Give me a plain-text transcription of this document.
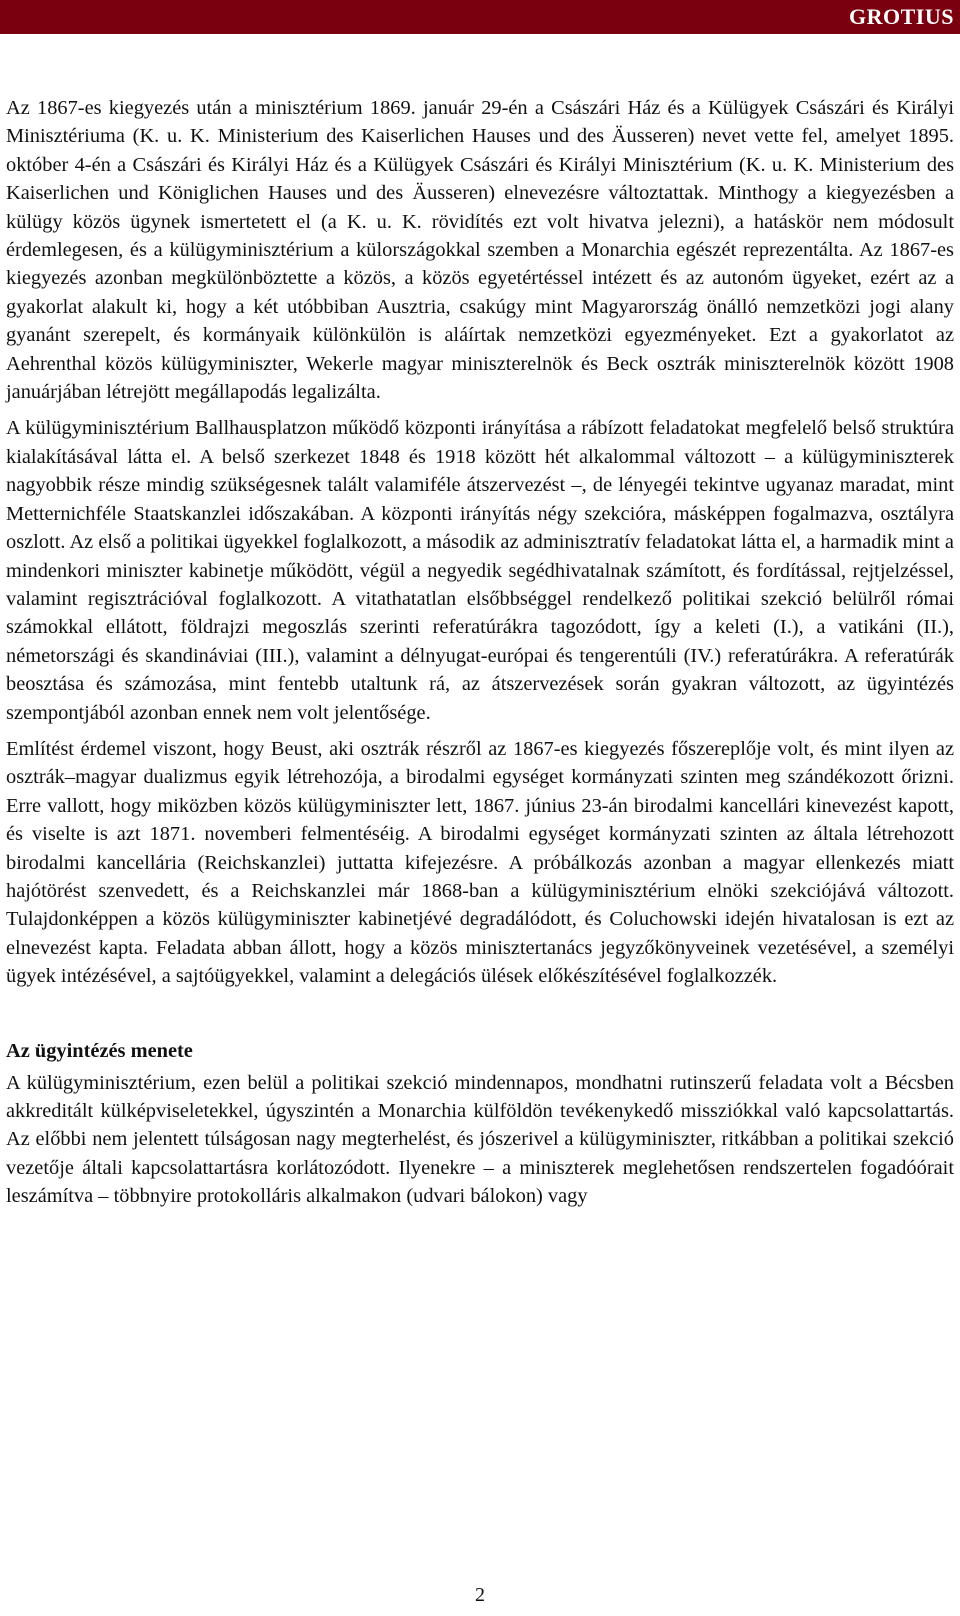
GROTIUS

Az 1867-es kiegyezés után a minisztérium 1869. január 29-én a Császári Ház és a Külügyek Császári és Királyi Minisztériuma (K. u. K. Ministerium des Kaiserlichen Hauses und des Äusseren) nevet vette fel, amelyet 1895. október 4-én a Császári és Királyi Ház és a Külügyek Császári és Királyi Minisztérium (K. u. K. Ministerium des Kaiserlichen und Königlichen Hauses und des Äusseren) elnevezésre változtattak. Minthogy a kiegyezésben a külügy közös ügynek ismertetett el (a K. u. K. rövidítés ezt volt hivatva jelezni), a hatáskör nem módosult érdemlegesen, és a külügyminisztérium a külországokkal szemben a Monarchia egészét reprezentálta. Az 1867-es kiegyezés azonban megkülönböztette a közös, a közös egyetértéssel intézett és az autonóm ügyeket, ezért az a gyakorlat alakult ki, hogy a két utóbbiban Ausztria, csakúgy mint Magyarország önálló nemzetközi jogi alany gyanánt szerepelt, és kormányaik különkülön is aláírtak nemzetközi egyezményeket. Ezt a gyakorlatot az Aehrenthal közös külügyminiszter, Wekerle magyar miniszterelnök és Beck osztrák miniszterelnök között 1908 januárjában létrejött megállapodás legalizálta.

A külügyminisztérium Ballhausplatzon működő központi irányítása a rábízott feladatokat megfelelő belső struktúra kialakításával látta el. A belső szerkezet 1848 és 1918 között hét alkalommal változott – a külügyminiszterek nagyobbik része mindig szükségesnek talált valamiféle átszervezést –, de lényegéi tekintve ugyanaz maradat, mint Metternichféle Staatskanzlei időszakában. A központi irányítás négy szekcióra, másképpen fogalmazva, osztályra oszlott. Az első a politikai ügyekkel foglalkozott, a második az adminisztratív feladatokat látta el, a harmadik mint a mindenkori miniszter kabinetje működött, végül a negyedik segédhivatalnak számított, és fordítással, rejtjelzéssel, valamint regisztrációval foglalkozott. A vitathatatlan elsőbbséggel rendelkező politikai szekció belülről római számokkal ellátott, földrajzi megoszlás szerinti referatúrákra tagozódott, így a keleti (I.), a vatikáni (II.), németországi és skandináviai (III.), valamint a délnyugat-európai és tengerentúli (IV.) referatúrákra. A referatúrák beosztása és számozása, mint fentebb utaltunk rá, az átszervezések során gyakran változott, az ügyintézés szempontjából azonban ennek nem volt jelentősége.

Említést érdemel viszont, hogy Beust, aki osztrák részről az 1867-es kiegyezés főszereplője volt, és mint ilyen az osztrák–magyar dualizmus egyik létrehozója, a birodalmi egységet kormányzati szinten meg szándékozott őrizni. Erre vallott, hogy miközben közös külügyminiszter lett, 1867. június 23-án birodalmi kancellári kinevezést kapott, és viselte is azt 1871. novemberi felmentéséig. A birodalmi egységet kormányzati szinten az általa létrehozott birodalmi kancellária (Reichskanzlei) juttatta kifejezésre. A próbálkozás azonban a magyar ellenkezés miatt hajótörést szenvedett, és a Reichskanzlei már 1868-ban a külügyminisztérium elnöki szekciójává változott. Tulajdonképpen a közös külügyminiszter kabinetjévé degradálódott, és Coluchowski idején hivatalosan is ezt az elnevezést kapta. Feladata abban állott, hogy a közös minisztertanács jegyzőkönyveinek vezetésével, a személyi ügyek intézésével, a sajtóügyekkel, valamint a delegációs ülések előkészítésével foglalkozzék.

Az ügyintézés menete

A külügyminisztérium, ezen belül a politikai szekció mindennapos, mondhatni rutinszerű feladata volt a Bécsben akkreditált külképviseletekkel, úgyszintén a Monarchia külföldön tevékenykedő missziókkal való kapcsolattartás. Az előbbi nem jelentett túlságosan nagy megterhelést, és jószerivel a külügyminiszter, ritkábban a politikai szekció vezetője általi kapcsolattartásra korlátozódott. Ilyenekre – a miniszterek meglehetősen rendszertelen fogadóórait leszámítva – többnyire protokolláris alkalmakon (udvari bálokon) vagy

2
